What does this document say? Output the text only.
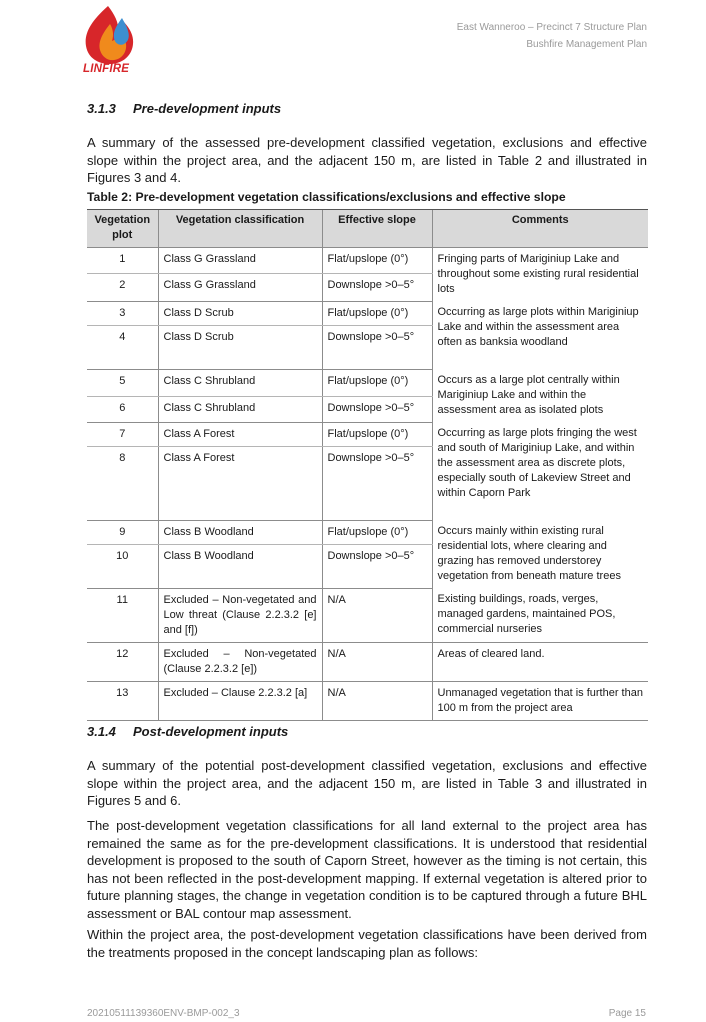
LINFIRE
East Wanneroo – Precinct 7 Structure Plan
Bushfire Management Plan
3.1.3 Pre-development inputs
A summary of the assessed pre-development classified vegetation, exclusions and effective slope within the project area, and the adjacent 150 m, are listed in Table 2 and illustrated in Figures 3 and 4.
Table 2: Pre-development vegetation classifications/exclusions and effective slope
Vegetation plot	Vegetation classification	Effective slope	Comments
1	Class G Grassland	Flat/upslope (0°)	Fringing parts of Mariginiup Lake and throughout some existing rural residential lots
2	Class G Grassland	Downslope >0–5°	
3	Class D Scrub	Flat/upslope (0°)	Occurring as large plots within Mariginiup Lake and within the assessment area often as banksia woodland
4	Class D Scrub	Downslope >0–5°	
5	Class C Shrubland	Flat/upslope (0°)	Occurs as a large plot centrally within Mariginiup Lake and within the assessment area as isolated plots
6	Class C Shrubland	Downslope >0–5°	
7	Class A Forest	Flat/upslope (0°)	Occurring as large plots fringing the west and south of Mariginiup Lake, and within the assessment area as discrete plots, especially south of Lakeview Street and within Caporn Park
8	Class A Forest	Downslope >0–5°	
9	Class B Woodland	Flat/upslope (0°)	Occurs mainly within existing rural residential lots, where clearing and grazing has removed understorey vegetation from beneath mature trees
10	Class B Woodland	Downslope >0–5°	
11	Excluded – Non-vegetated and Low threat (Clause 2.2.3.2 [e] and [f])	N/A	Existing buildings, roads, verges, managed gardens, maintained POS, commercial nurseries
12	Excluded – Non-vegetated (Clause 2.2.3.2 [e])	N/A	Areas of cleared land.
13	Excluded – Clause 2.2.3.2 [a]	N/A	Unmanaged vegetation that is further than 100 m from the project area
3.1.4 Post-development inputs
A summary of the potential post-development classified vegetation, exclusions and effective slope within the project area, and the adjacent 150 m, are listed in Table 3 and illustrated in Figures 5 and 6.
The post-development vegetation classifications for all land external to the project area has remained the same as for the pre-development classifications. It is understood that residential development is proposed to the south of Caporn Street, however as the timing is not certain, this has not been reflected in the post-development mapping. If external vegetation is altered prior to future planning stages, the change in vegetation condition is to be captured through a future BHL assessment or BAL contour map assessment.
Within the project area, the post-development vegetation classifications have been derived from the treatments proposed in the concept landscaping plan as follows:
20210511139360ENV-BMP-002_3	Page 15
